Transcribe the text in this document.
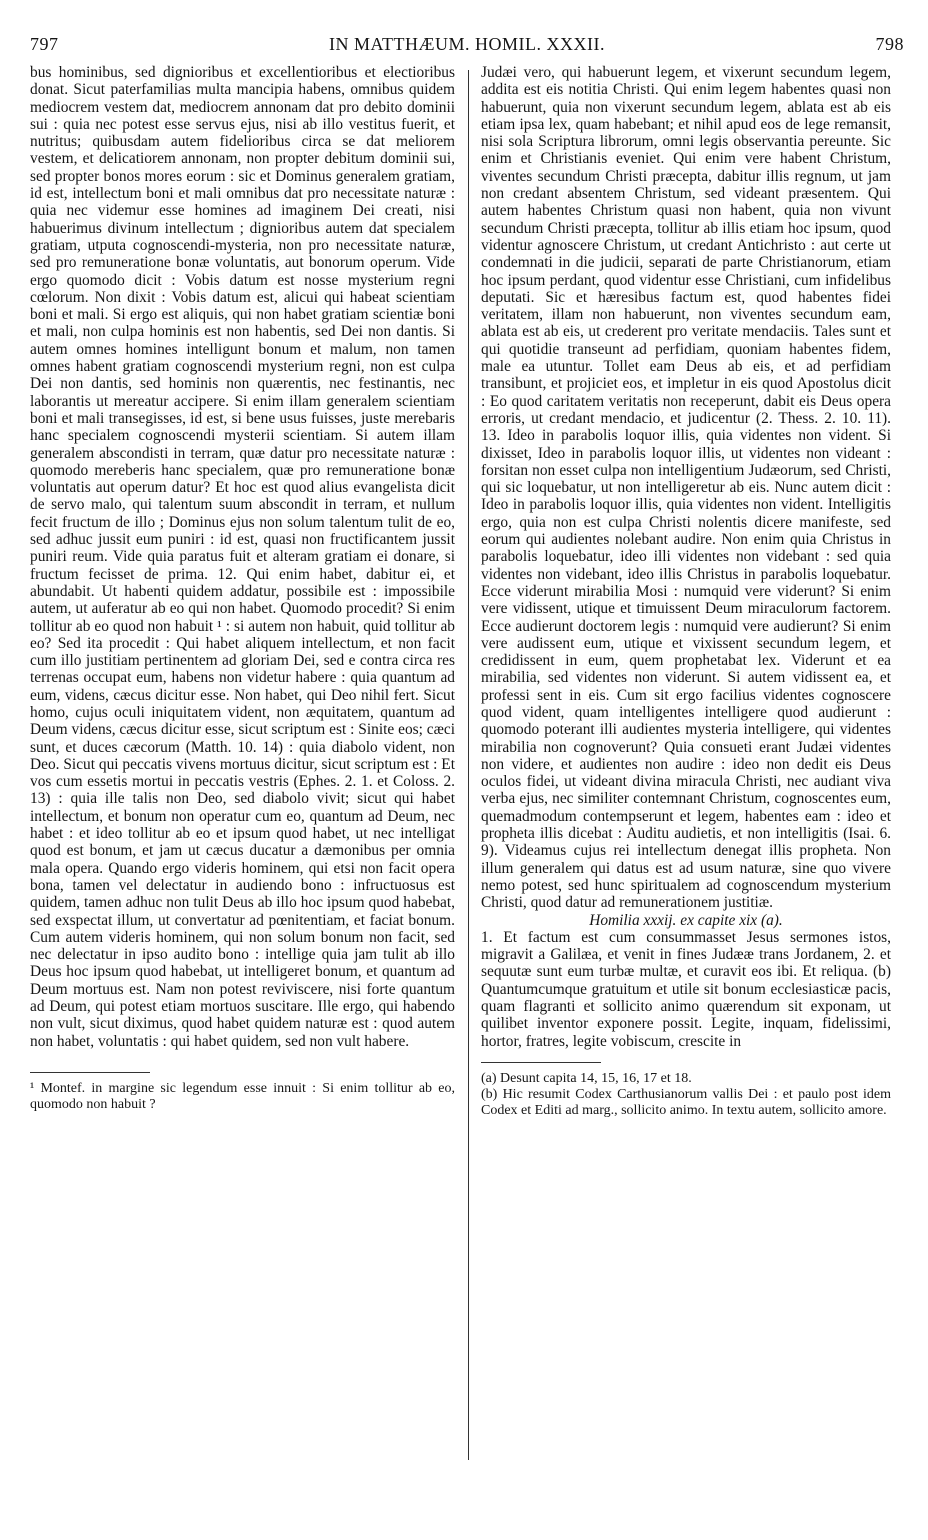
797	IN MATTHÆUM. HOMIL. XXXII.	798

bus hominibus, sed dignioribus et excellentioribus et electioribus donat. Sicut paterfamilias multa mancipia habens, omnibus quidem mediocrem vestem dat, mediocrem annonam dat pro debito dominii sui : quia nec potest esse servus ejus, nisi ab illo vestitus fuerit, et nutritus; quibusdam autem fidelioribus circa se dat meliorem vestem, et delicatiorem annonam, non propter debitum dominii sui, sed propter bonos mores eorum : sic et Dominus generalem gratiam, id est, intellectum boni et mali omnibus dat pro necessitate naturæ : quia nec videmur esse homines ad imaginem Dei creati, nisi habuerimus divinum intellectum ; dignioribus autem dat specialem gratiam, utputa cognoscendi-mysteria, non pro necessitate naturæ, sed pro remuneratione bonæ voluntatis, aut bonorum operum. Vide ergo quomodo dicit : Vobis datum est nosse mysterium regni cœlorum. Non dixit : Vobis datum est, alicui qui habeat scientiam boni et mali. Si ergo est aliquis, qui non habet gratiam scientiæ boni et mali, non culpa hominis est non habentis, sed Dei non dantis. Si autem omnes homines intelligunt bonum et malum, non tamen omnes habent gratiam cognoscendi mysterium regni, non est culpa Dei non dantis, sed hominis non quærentis, nec festinantis, nec laborantis ut mereatur accipere. Si enim illam generalem scientiam boni et mali transegisses, id est, si bene usus fuisses, juste merebaris hanc specialem cognoscendi mysterii scientiam. Si autem illam generalem abscondisti in terram, quæ datur pro necessitate naturæ : quomodo mereberis hanc specialem, quæ pro remuneratione bonæ voluntatis aut operum datur? Et hoc est quod alius evangelista dicit de servo malo, qui talentum suum abscondit in terram, et nullum fecit fructum de illo ; Dominus ejus non solum talentum tulit de eo, sed adhuc jussit eum puniri : id est, quasi non fructificantem jussit puniri reum. Vide quia paratus fuit et alteram gratiam ei donare, si fructum fecisset de prima. 12. Qui enim habet, dabitur ei, et abundabit. Ut habenti quidem addatur, possibile est : impossibile autem, ut auferatur ab eo qui non habet. Quomodo procedit? Si enim tollitur ab eo quod non habuit ¹ : si autem non habuit, quid tollitur ab eo? Sed ita procedit : Qui habet aliquem intellectum, et non facit cum illo justitiam pertinentem ad gloriam Dei, sed e contra circa res terrenas occupat eum, habens non videtur habere : quia quantum ad eum, videns, cæcus dicitur esse. Non habet, qui Deo nihil fert. Sicut homo, cujus oculi iniquitatem vident, non æquitatem, quantum ad Deum videns, cæcus dicitur esse, sicut scriptum est : Sinite eos; cæci sunt, et duces cæcorum (Matth. 10. 14) : quia diabolo vident, non Deo. Sicut qui peccatis vivens mortuus dicitur, sicut scriptum est : Et vos cum essetis mortui in peccatis vestris (Ephes. 2. 1. et Coloss. 2. 13) : quia ille talis non Deo, sed diabolo vivit; sicut qui habet intellectum, et bonum non operatur cum eo, quantum ad Deum, nec habet : et ideo tollitur ab eo et ipsum quod habet, ut nec intelligat quod est bonum, et jam ut cæcus ducatur a dæmonibus per omnia mala opera. Quando ergo videris hominem, qui etsi non facit opera bona, tamen vel delectatur in audiendo bono : infructuosus est quidem, tamen adhuc non tulit Deus ab illo hoc ipsum quod habebat, sed exspectat illum, ut convertatur ad pœnitentiam, et faciat bonum. Cum autem videris hominem, qui non solum bonum non facit, sed nec delectatur in ipso audito bono : intellige quia jam tulit ab illo Deus hoc ipsum quod habebat, ut intelligeret bonum, et quantum ad Deum mortuus est. Nam non potest reviviscere, nisi forte quantum ad Deum, qui potest etiam mortuos suscitare. Ille ergo, qui habendo non vult, sicut diximus, quod habet quidem naturæ est : quod autem non habet, voluntatis : qui habet quidem, sed non vult habere.

¹ Montef. in margine sic legendum esse innuit : Si enim tollitur ab eo, quomodo non habuit ?

Judæi vero, qui habuerunt legem, et vixerunt secundum legem, addita est eis notitia Christi. Qui enim legem habentes quasi non habuerunt, quia non vixerunt secundum legem, ablata est ab eis etiam ipsa lex, quam habebant; et nihil apud eos de lege remansit, nisi sola Scriptura librorum, omni legis observantia pereunte. Sic enim et Christianis eveniet. Qui enim vere habent Christum, viventes secundum Christi præcepta, dabitur illis regnum, ut jam non credant absentem Christum, sed videant præsentem. Qui autem habentes Christum quasi non habent, quia non vivunt secundum Christi præcepta, tollitur ab illis etiam hoc ipsum, quod videntur agnoscere Christum, ut credant Antichristo : aut certe ut condemnati in die judicii, separati de parte Christianorum, etiam hoc ipsum perdant, quod videntur esse Christiani, cum infidelibus deputati. Sic et hæresibus factum est, quod habentes fidei veritatem, illam non habuerunt, non viventes secundum eam, ablata est ab eis, ut crederent pro veritate mendaciis. Tales sunt et qui quotidie transeunt ad perfidiam, quoniam habentes fidem, male ea utuntur. Tollet eam Deus ab eis, et ad perfidiam transibunt, et projiciet eos, et impletur in eis quod Apostolus dicit : Eo quod caritatem veritatis non receperunt, dabit eis Deus opera erroris, ut credant mendacio, et judicentur (2. Thess. 2. 10. 11). 13. Ideo in parabolis loquor illis, quia videntes non vident. Si dixisset, Ideo in parabolis loquor illis, ut videntes non videant : forsitan non esset culpa non intelligentium Judæorum, sed Christi, qui sic loquebatur, ut non intelligeretur ab eis. Nunc autem dicit : Ideo in parabolis loquor illis, quia videntes non vident. Intelligitis ergo, quia non est culpa Christi nolentis dicere manifeste, sed eorum qui audientes nolebant audire. Non enim quia Christus in parabolis loquebatur, ideo illi videntes non videbant : sed quia videntes non videbant, ideo illis Christus in parabolis loquebatur. Ecce viderunt mirabilia Mosi : numquid vere viderunt? Si enim vere vidissent, utique et timuissent Deum miraculorum factorem. Ecce audierunt doctorem legis : numquid vere audierunt? Si enim vere audissent eum, utique et vixissent secundum legem, et credidissent in eum, quem prophetabat lex. Viderunt et ea mirabilia, sed videntes non viderunt. Si autem vidissent ea, et professi sent in eis. Cum sit ergo facilius videntes cognoscere quod vident, quam intelligentes intelligere quod audierunt : quomodo poterant illi audientes mysteria intelligere, qui videntes mirabilia non cognoverunt? Quia consueti erant Judæi videntes non videre, et audientes non audire : ideo non dedit eis Deus oculos fidei, ut videant divina miracula Christi, nec audiant viva verba ejus, nec similiter contemnant Christum, cognoscentes eum, quemadmodum contempserunt et legem, habentes eam : ideo et propheta illis dicebat : Auditu audietis, et non intelligitis (Isai. 6. 9). Videamus cujus rei intellectum denegat illis propheta. Non illum generalem qui datus est ad usum naturæ, sine quo vivere nemo potest, sed hunc spiritualem ad cognoscendum mysterium Christi, quod datur ad remunerationem justitiæ.

Homilia xxxij. ex capite xix (a).

1. Et factum est cum consummasset Jesus sermones istos, migravit a Galilæa, et venit in fines Judææ trans Jordanem, 2. et sequutæ sunt eum turbæ multæ, et curavit eos ibi. Et reliqua. (b) Quantumcumque gratuitum et utile sit bonum ecclesiasticæ pacis, quam flagranti et sollicito animo quærendum sit exponam, ut quilibet inventor exponere possit. Legite, inquam, fidelissimi, hortor, fratres, legite vobiscum, crescite in

(a) Desunt capita 14, 15, 16, 17 et 18.

(b) Hic resumit Codex Carthusianorum vallis Dei : et paulo post idem Codex et Editi ad marg., sollicito animo. In textu autem, sollicito amore.
